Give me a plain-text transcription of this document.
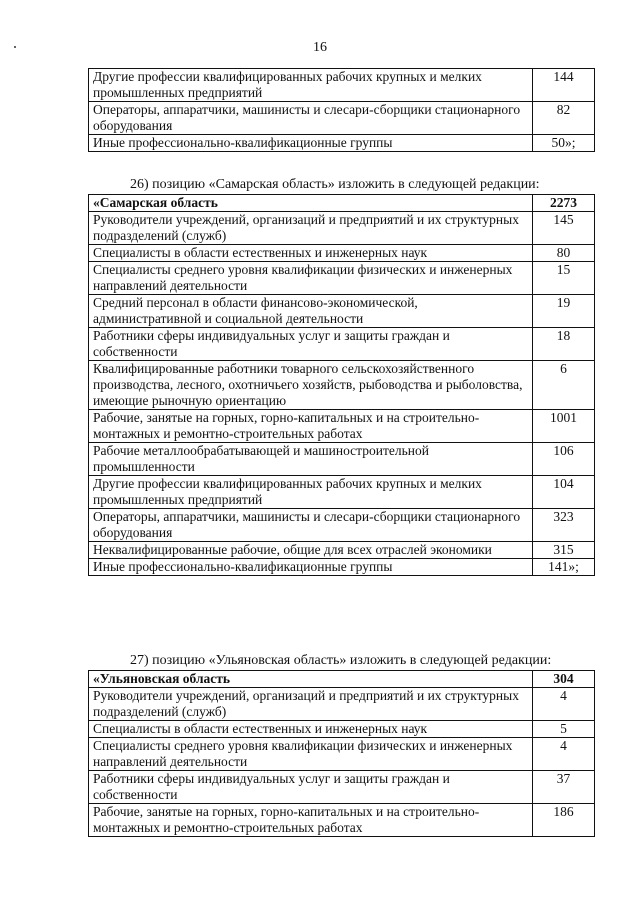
16
Другие профессии квалифицированных рабочих крупных и мелких промышленных предприятий	144
Операторы, аппаратчики, машинисты и слесари-сборщики стационарного оборудования	82
Иные профессионально-квалификационные группы	50»;
26) позицию «Самарская область» изложить в следующей редакции:
«Самарская область	2273
Руководители учреждений, организаций и предприятий и их структурных подразделений (служб)	145
Специалисты в области естественных и инженерных наук	80
Специалисты среднего уровня квалификации физических и инженерных направлений деятельности	15
Средний персонал в области финансово-экономической, административной и социальной деятельности	19
Работники сферы индивидуальных услуг и защиты граждан и собственности	18
Квалифицированные работники товарного сельскохозяйственного производства, лесного, охотничьего хозяйств, рыбоводства и рыболовства, имеющие рыночную ориентацию	6
Рабочие, занятые на горных, горно-капитальных и на строительно-монтажных и ремонтно-строительных работах	1001
Рабочие металлообрабатывающей и машиностроительной промышленности	106
Другие профессии квалифицированных рабочих крупных и мелких промышленных предприятий	104
Операторы, аппаратчики, машинисты и слесари-сборщики стационарного оборудования	323
Неквалифицированные рабочие, общие для всех отраслей экономики	315
Иные профессионально-квалификационные группы	141»;
27) позицию «Ульяновская область» изложить в следующей редакции:
«Ульяновская область	304
Руководители учреждений, организаций и предприятий и их структурных подразделений (служб)	4
Специалисты в области естественных и инженерных наук	5
Специалисты среднего уровня квалификации физических и инженерных направлений деятельности	4
Работники сферы индивидуальных услуг и защиты граждан и собственности	37
Рабочие, занятые на горных, горно-капитальных и на строительно-монтажных и ремонтно-строительных работах	186
